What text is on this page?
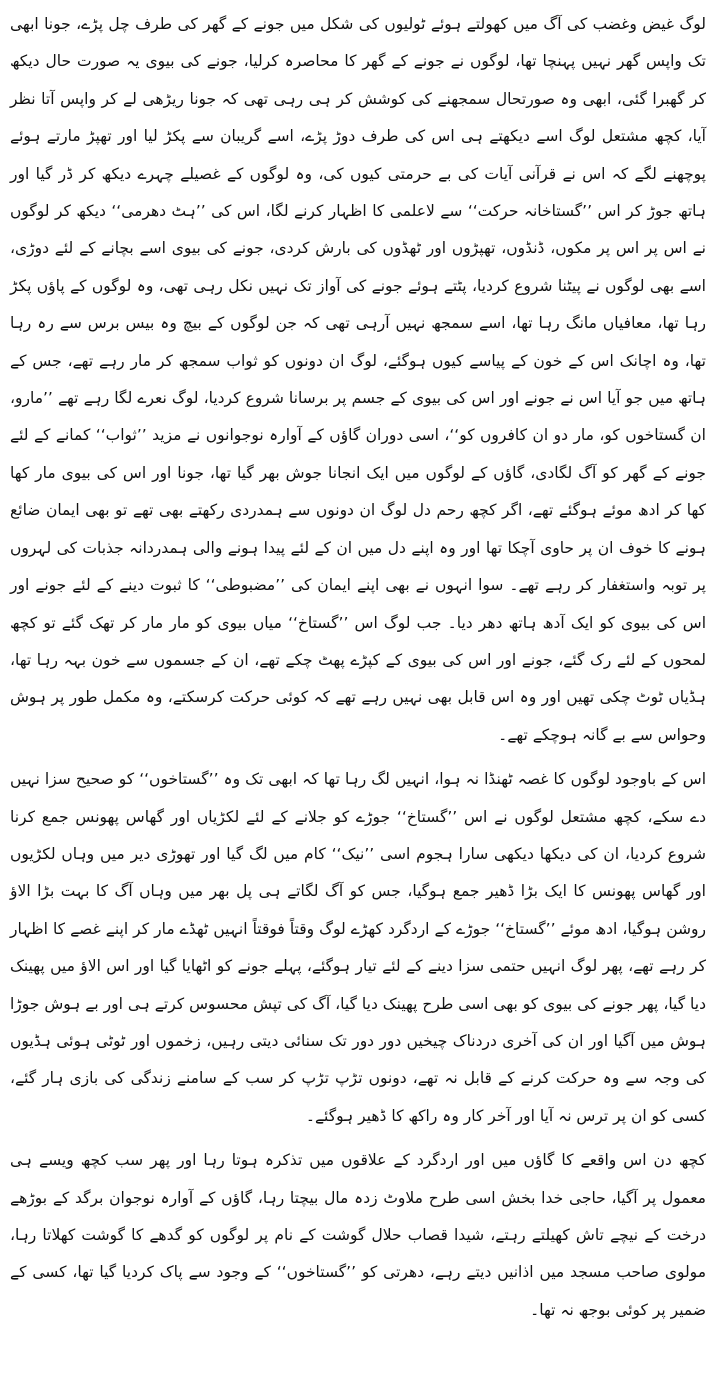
لوگ غیض وغضب کی آگ میں کھولتے ہوئے ٹولیوں کی شکل میں جونے کے گھر کی طرف چل پڑے، جونا ابھی تک واپس گھر نہیں پہنچا تھا، لوگوں نے جونے کے گھر کا محاصرہ کرلیا، جونے کی بیوی یہ صورت حال دیکھ کر گھبرا گئی، ابھی وہ صورتحال سمجھنے کی کوشش کر ہی رہی تھی کہ جونا ریڑھی لے کر واپس آتا نظر آیا، کچھ مشتعل لوگ اسے دیکھتے ہی اس کی طرف دوڑ پڑے، اسے گریبان سے پکڑ لیا اور تھپڑ مارتے ہوئے پوچھنے لگے کہ اس نے قرآنی آیات کی بے حرمتی کیوں کی، وہ لوگوں کے غصیلے چہرے دیکھ کر ڈر گیا اور ہاتھ جوڑ کر اس ’’گستاخانہ حرکت‘‘ سے لاعلمی کا اظہار کرنے لگا، اس کی ’’ہٹ دھرمی‘‘ دیکھ کر لوگوں نے اس پر اس پر مکوں، ڈنڈوں، تھپڑوں اور ٹھڈوں کی بارش کردی، جونے کی بیوی اسے بچانے کے لئے دوڑی، اسے بھی لوگوں نے پیٹنا شروع کردیا، پٹتے ہوئے جونے کی آواز تک نہیں نکل رہی تھی، وہ لوگوں کے پاؤں پکڑ رہا تھا، معافیاں مانگ رہا تھا، اسے سمجھ نہیں آرہی تھی کہ جن لوگوں کے بیچ وہ بیس برس سے رہ رہا تھا، وہ اچانک اس کے خون کے پیاسے کیوں ہوگئے، لوگ ان دونوں کو ثواب سمجھ کر مار رہے تھے، جس کے ہاتھ میں جو آیا اس نے جونے اور اس کی بیوی کے جسم پر برسانا شروع کردیا، لوگ نعرے لگا رہے تھے ’’مارو، ان گستاخوں کو، مار دو ان کافروں کو‘‘، اسی دوران گاؤں کے آوارہ نوجوانوں نے مزید ’’ثواب‘‘ کمانے کے لئے جونے کے گھر کو آگ لگادی، گاؤں کے لوگوں میں ایک انجانا جوش بھر گیا تھا، جونا اور اس کی بیوی مار کھا کھا کر ادھ موئے ہوگئے تھے، اگر کچھ رحم دل لوگ ان دونوں سے ہمدردی رکھتے بھی تھے تو بھی ایمان ضائع ہونے کا خوف ان پر حاوی آچکا تھا اور وہ اپنے دل میں ان کے لئے پیدا ہونے والی ہمدردانہ جذبات کی لہروں پر توبہ واستغفار کر رہے تھے۔ سوا انہوں نے بھی اپنے ایمان کی ’’مضبوطی‘‘ کا ثبوت دینے کے لئے جونے اور اس کی بیوی کو ایک آدھ ہاتھ دھر دیا۔ جب لوگ اس ’’گستاخ‘‘ میاں بیوی کو مار مار کر تھک گئے تو کچھ لمحوں کے لئے رک گئے، جونے اور اس کی بیوی کے کپڑے پھٹ چکے تھے، ان کے جسموں سے خون بہہ رہا تھا، ہڈیاں ٹوٹ چکی تھیں اور وہ اس قابل بھی نہیں رہے تھے کہ کوئی حرکت کرسکتے، وہ مکمل طور پر ہوش وحواس سے بے گانہ ہوچکے تھے۔

اس کے باوجود لوگوں کا غصہ ٹھنڈا نہ ہوا، انہیں لگ رہا تھا کہ ابھی تک وہ ’’گستاخوں‘‘ کو صحیح سزا نہیں دے سکے، کچھ مشتعل لوگوں نے اس ’’گستاخ‘‘ جوڑے کو جلانے کے لئے لکڑیاں اور گھاس پھونس جمع کرنا شروع کردیا، ان کی دیکھا دیکھی سارا ہجوم اسی ’’نیک‘‘ کام میں لگ گیا اور تھوڑی دیر میں وہاں لکڑیوں اور گھاس پھونس کا ایک بڑا ڈھیر جمع ہوگیا، جس کو آگ لگاتے ہی پل بھر میں وہاں آگ کا بہت بڑا الاؤ روشن ہوگیا، ادھ موئے ’’گستاخ‘‘ جوڑے کے اردگرد کھڑے لوگ وقتاً فوقتاً انہیں ٹھڈے مار کر اپنے غصے کا اظہار کر رہے تھے، پھر لوگ انہیں حتمی سزا دینے کے لئے تیار ہوگئے، پہلے جونے کو اٹھایا گیا اور اس الاؤ میں پھینک دیا گیا، پھر جونے کی بیوی کو بھی اسی طرح پھینک دیا گیا، آگ کی تپش محسوس کرتے ہی اور بے ہوش جوڑا ہوش میں آگیا اور ان کی آخری دردناک چیخیں دور دور تک سنائی دیتی رہیں، زخموں اور ٹوٹی ہوئی ہڈیوں کی وجہ سے وہ حرکت کرنے کے قابل نہ تھے، دونوں تڑپ تڑپ کر سب کے سامنے زندگی کی بازی ہار گئے، کسی کو ان پر ترس نہ آیا اور آخر کار وہ راکھ کا ڈھیر ہوگئے۔

کچھ دن اس واقعے کا گاؤں میں اور اردگرد کے علاقوں میں تذکرہ ہوتا رہا اور پھر سب کچھ ویسے ہی معمول پر آگیا، حاجی خدا بخش اسی طرح ملاوٹ زدہ مال بیچتا رہا، گاؤں کے آوارہ نوجوان برگد کے بوڑھے درخت کے نیچے تاش کھیلتے رہتے، شیدا قصاب حلال گوشت کے نام پر لوگوں کو گدھے کا گوشت کھلاتا رہا، مولوی صاحب مسجد میں اذانیں دیتے رہے، دھرتی کو ’’گستاخوں‘‘ کے وجود سے پاک کردیا گیا تھا، کسی کے ضمیر پر کوئی بوجھ نہ تھا۔
